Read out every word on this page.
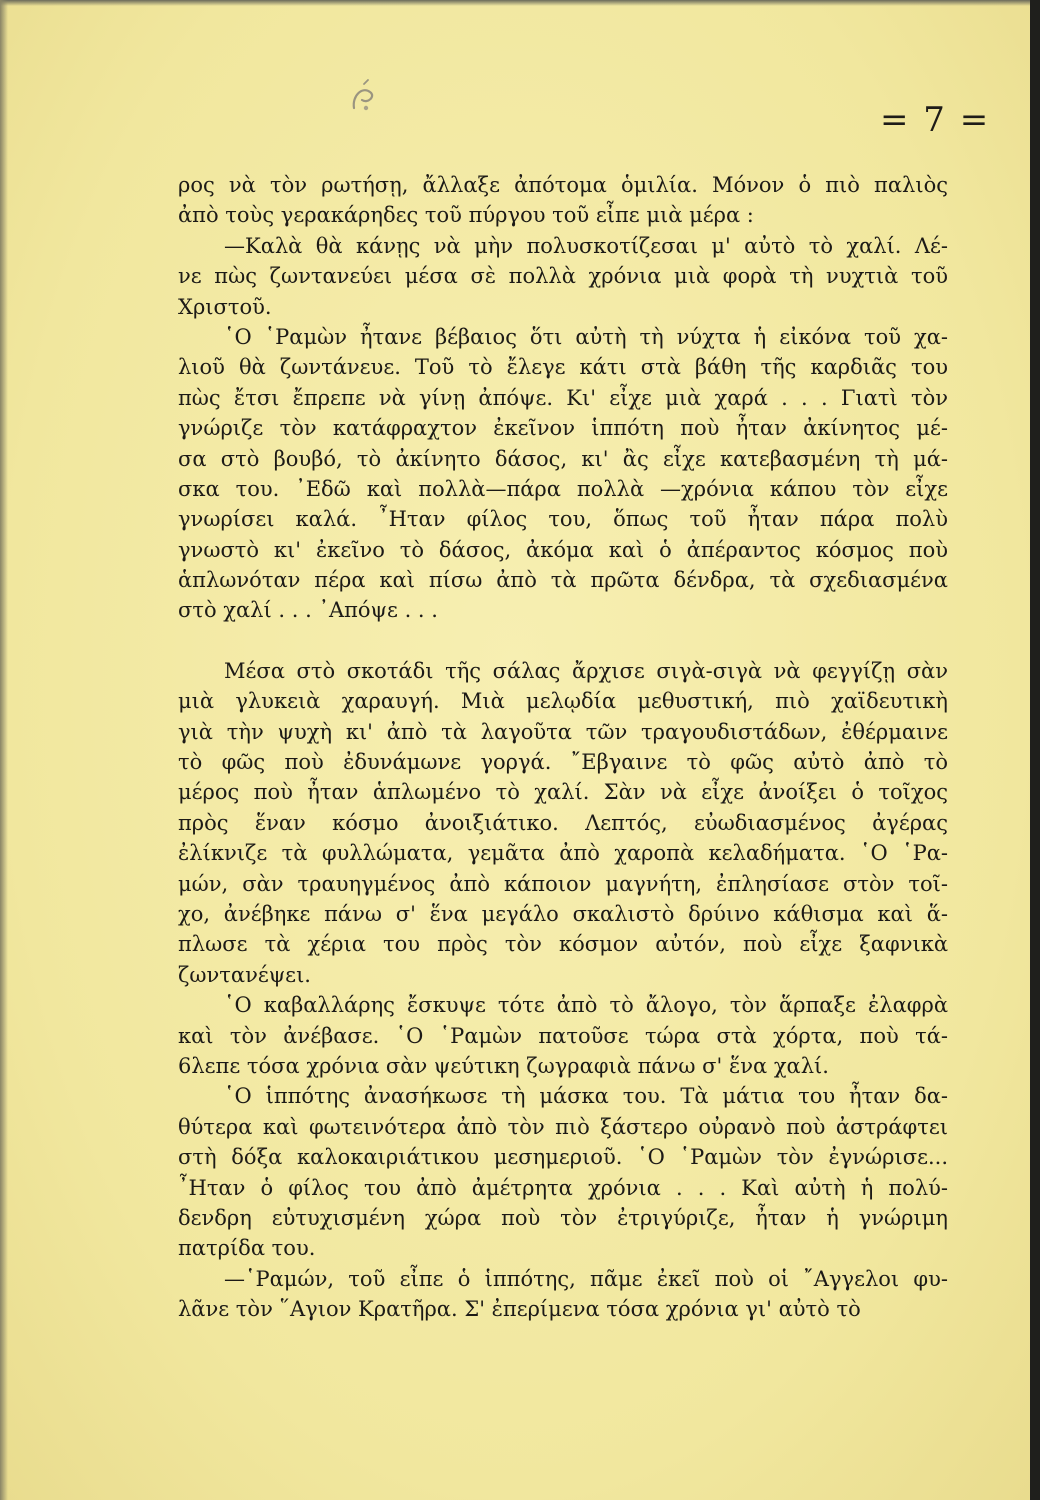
= 7 =
ρος νὰ τὸν ρωτήσῃ, ἄλλαξε ἀπότομα ὁμιλία. Μόνον ὁ πιὸ παλιὸς
ἀπὸ τοὺς γερακάρηδες τοῦ πύργου τοῦ εἶπε μιὰ μέρα :
—Καλὰ θὰ κάνῃς νὰ μὴν πολυσκοτίζεσαι μ' αὐτὸ τὸ χαλί. Λέ-
νε πὼς ζωντανεύει μέσα σὲ πολλὰ χρόνια μιὰ φορὰ τὴ νυχτιὰ τοῦ
Χριστοῦ.
῾Ο ῾Ραμὼν ἦτανε βέβαιος ὅτι αὐτὴ τὴ νύχτα ἡ εἰκόνα τοῦ χα-
λιοῦ θὰ ζωντάνευε. Τοῦ τὸ ἔλεγε κάτι στὰ βάθη τῆς καρδιᾶς του
πὼς ἔτσι ἔπρεπε νὰ γίνῃ ἀπόψε. Κι' εἶχε μιὰ χαρά . . . Γιατὶ τὸν
γνώριζε τὸν κατάφραχτον ἐκεῖνον ἱππότη ποὺ ἦταν ἀκίνητος μέ-
σα στὸ βουβό, τὸ ἀκίνητο δάσος, κι' ἂς εἶχε κατεβασμένη τὴ μά-
σκα του. ᾿Εδῶ καὶ πολλὰ—πάρα πολλὰ —χρόνια κάπου τὸν εἶχε
γνωρίσει καλά. ῏Ηταν φίλος του, ὅπως τοῦ ἦταν πάρα πολὺ
γνωστὸ κι' ἐκεῖνο τὸ δάσος, ἀκόμα καὶ ὁ ἀπέραντος κόσμος ποὺ
ἁπλωνόταν πέρα καὶ πίσω ἀπὸ τὰ πρῶτα δένδρα, τὰ σχεδιασμένα
στὸ χαλί . . . ᾿Απόψε . . .
Μέσα στὸ σκοτάδι τῆς σάλας ἄρχισε σιγὰ-σιγὰ νὰ φεγγίζῃ σὰν
μιὰ γλυκειὰ χαραυγή. Μιὰ μελῳδία μεθυστική, πιὸ χαϊδευτικὴ
γιὰ τὴν ψυχὴ κι' ἀπὸ τὰ λαγοῦτα τῶν τραγουδιστάδων, ἐθέρμαινε
τὸ φῶς ποὺ ἐδυνάμωνε γοργά. ῎Εβγαινε τὸ φῶς αὐτὸ ἀπὸ τὸ
μέρος ποὺ ἦταν ἁπλωμένο τὸ χαλί. Σὰν νὰ εἶχε ἀνοίξει ὁ τοῖχος
πρὸς ἕναν κόσμο ἀνοιξιάτικο. Λεπτός, εὐωδιασμένος ἀγέρας
ἐλίκνιζε τὰ φυλλώματα, γεμᾶτα ἀπὸ χαροπὰ κελαδήματα. ῾Ο ῾Ρα-
μών, σὰν τραυηγμένος ἀπὸ κάποιον μαγνήτη, ἐπλησίασε στὸν τοῖ-
χο, ἀνέβηκε πάνω σ' ἕνα μεγάλο σκαλιστὸ δρύινο κάθισμα καὶ ἅ-
πλωσε τὰ χέρια του πρὸς τὸν κόσμον αὐτόν, ποὺ εἶχε ξαφνικὰ
ζωντανέψει.
῾Ο καβαλλάρης ἔσκυψε τότε ἀπὸ τὸ ἄλογο, τὸν ἅρπαξε ἐλαφρὰ
καὶ τὸν ἀνέβασε. ῾Ο ῾Ραμὼν πατοῦσε τώρα στὰ χόρτα, ποὺ τά-
6λεπε τόσα χρόνια σὰν ψεύτικη ζωγραφιὰ πάνω σ' ἕνα χαλί.
῾Ο ἱππότης ἀνασήκωσε τὴ μάσκα του. Τὰ μάτια του ἦταν δα-
θύτερα καὶ φωτεινότερα ἀπὸ τὸν πιὸ ξάστερο οὐρανὸ ποὺ ἀστράφτει
στὴ δόξα καλοκαιριάτικου μεσημεριοῦ. ῾Ο ῾Ραμὼν τὸν ἐγνώρισε...
῏Ηταν ὁ φίλος του ἀπὸ ἀμέτρητα χρόνια . . . Καὶ αὐτὴ ἡ πολύ-
δενδρη εὐτυχισμένη χώρα ποὺ τὸν ἐτριγύριζε, ἦταν ἡ γνώριμη
πατρίδα του.
—῾Ραμών, τοῦ εἶπε ὁ ἱππότης, πᾶμε ἐκεῖ ποὺ οἱ ῎Αγγελοι φυ-
λᾶνε τὸν ῞Αγιον Κρατῆρα. Σ' ἐπερίμενα τόσα χρόνια γι' αὐτὸ τὸ
